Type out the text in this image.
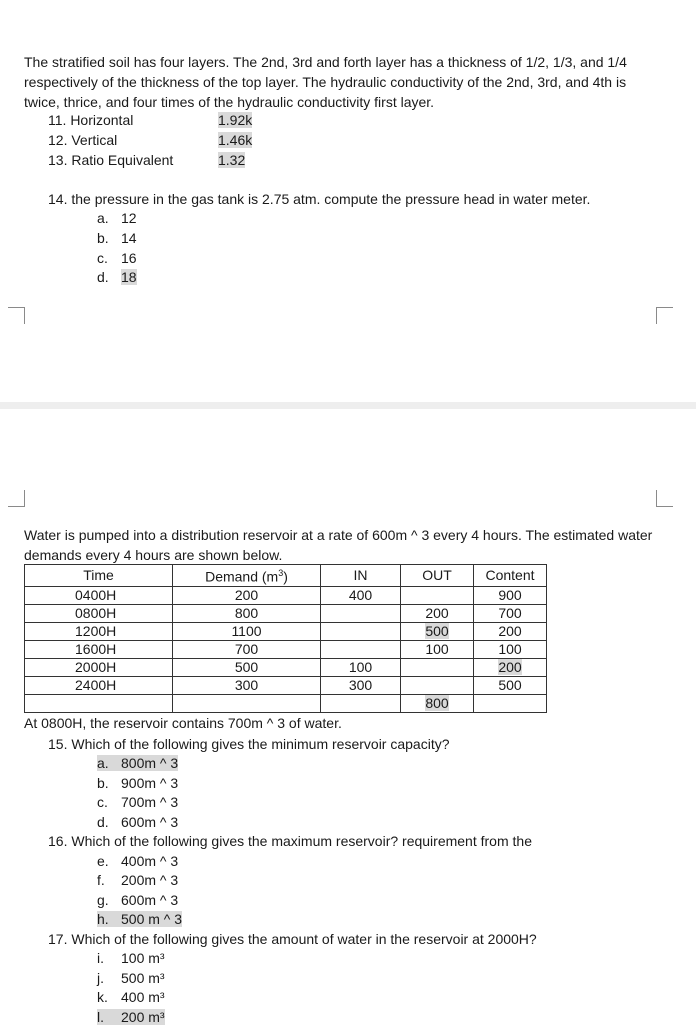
The stratified soil has four layers. The 2nd, 3rd and forth layer has a thickness of 1/2, 1/3, and 1/4 respectively of the thickness of the top layer. The hydraulic conductivity of the 2nd, 3rd, and 4th is twice, thrice, and four times of the hydraulic conductivity first layer.
11. Horizontal	1.92k
12. Vertical	1.46k
13. Ratio Equivalent	1.32
14. the pressure in the gas tank is 2.75 atm. compute the pressure head in water meter.
a. 12
b. 14
c. 16
d. 18
Water is pumped into a distribution reservoir at a rate of 600m ^ 3 every 4 hours. The estimated water demands every 4 hours are shown below.
Time	Demand $(m^3)$	IN	OUT	Content
0400H	200	400		900
0800H	800		200	700
1200H	1100		500	200
1600H	700		100	100
2000H	500	100		200
2400H	300	300		500
			800	
At 0800H, the reservoir contains 700m ^ 3 of water.
15. Which of the following gives the minimum reservoir capacity?
a. 800m ^ 3
b. 900m ^ 3
c. 700m ^ 3
d. 600m ^ 3
16. Which of the following gives the maximum reservoir? requirement from the
e. 400m ^ 3
f. 200m ^ 3
g. 600m ^ 3
h. 500 m ^ 3
17. Which of the following gives the amount of water in the reservoir at 2000H?
i. 100 m³
j. 500 m³
k. 400 m³
l. 200 m³
